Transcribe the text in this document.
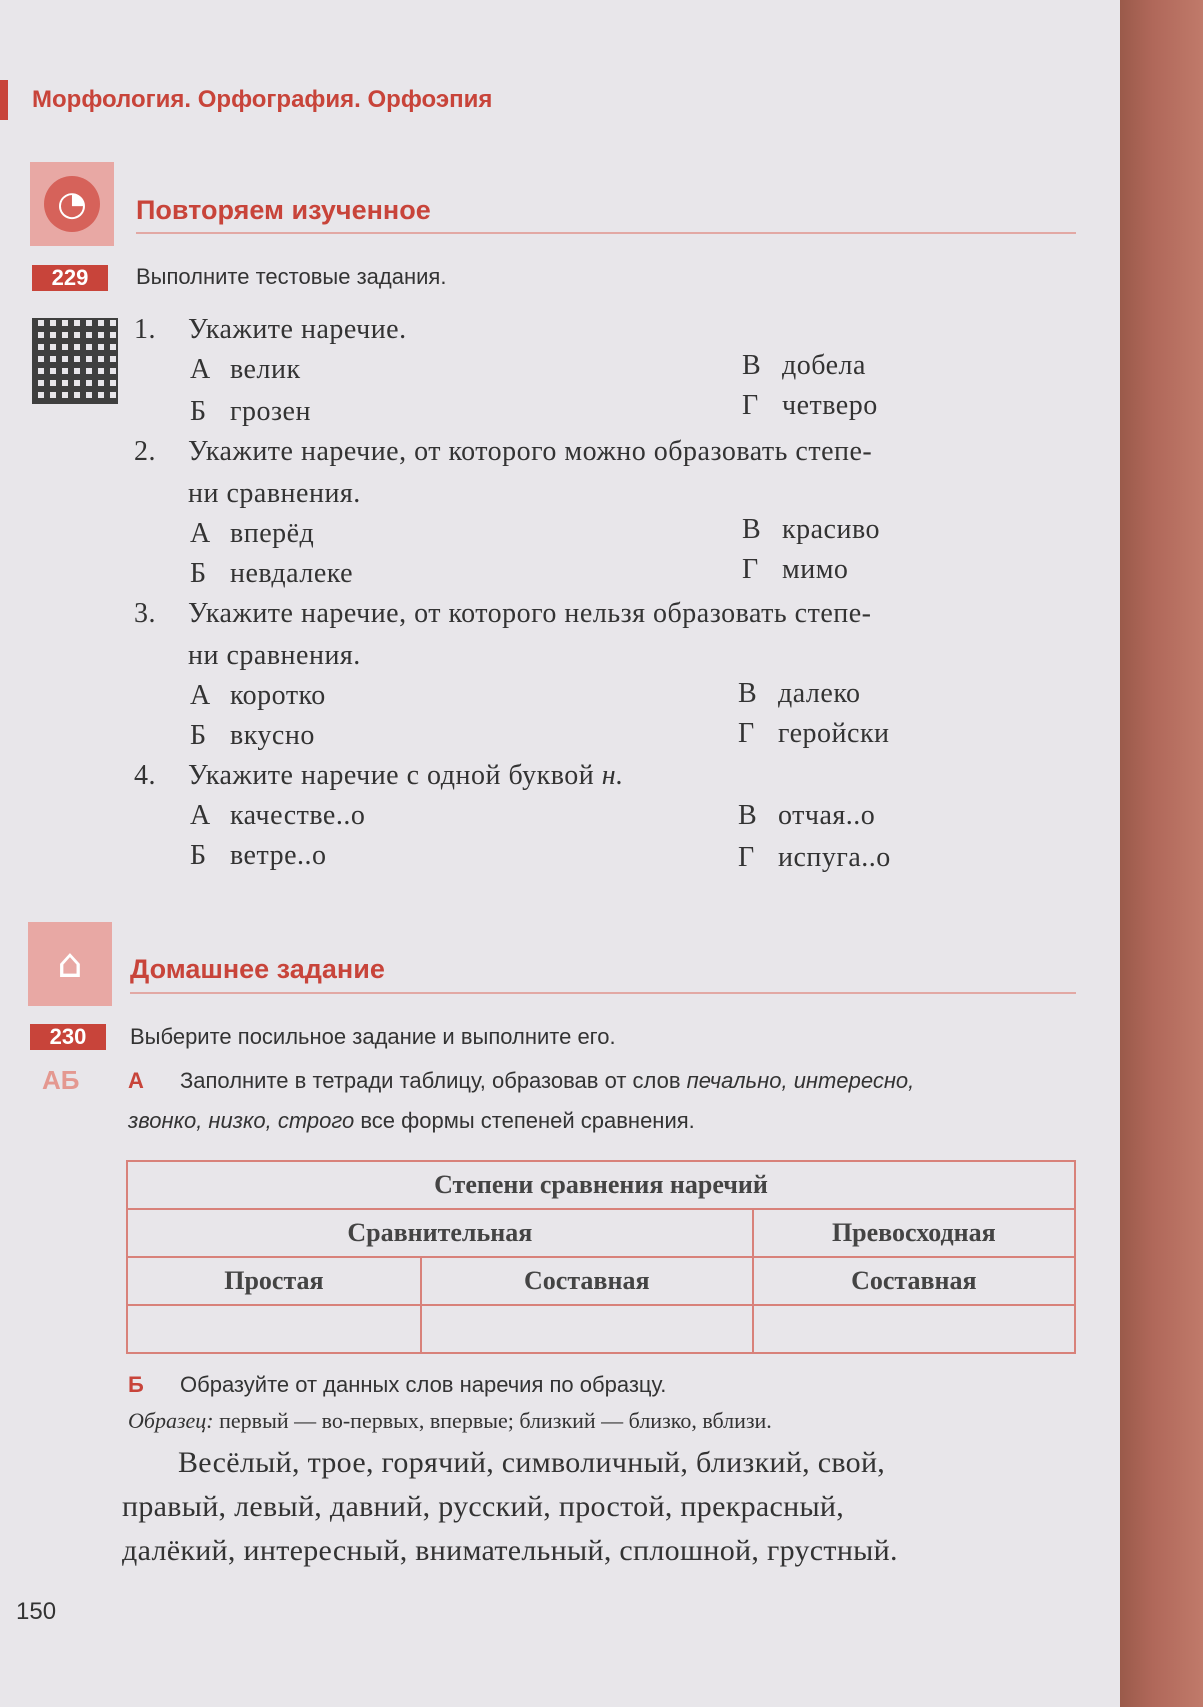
Морфология. Орфография. Орфоэпия
◔	Повторяем изученное
229	Выполните тестовые задания.
1. Укажите наречие.
А велик
Б грозен
В добела
Г четверо
2. Укажите наречие, от которого можно образовать степе-
ни сравнения.
А вперёд
Б невдалеке
В красиво
Г мимо
3. Укажите наречие, от которого нельзя образовать степе-
ни сравнения.
А коротко
Б вкусно
В далеко
Г геройски
4. Укажите наречие с одной буквой н.
А качестве..о
Б ветре..о
В отчая..о
Г испуга..о
⌂	Домашнее задание
230	Выберите посильное задание и выполните его.
АБ А Заполните в тетради таблицу, образовав от слов печально, интересно,
звонко, низко, строго все формы степеней сравнения.
Степени сравнения наречий		
Сравнительная		Превосходная
Простая	Составная	Составная

Б Образуйте от данных слов наречия по образцу.
Образец: первый — во-первых, впервые; близкий — близко, вблизи.
Весёлый, трое, горячий, символичный, близкий, свой,
правый, левый, давний, русский, простой, прекрасный,
далёкий, интересный, внимательный, сплошной, грустный.
150
